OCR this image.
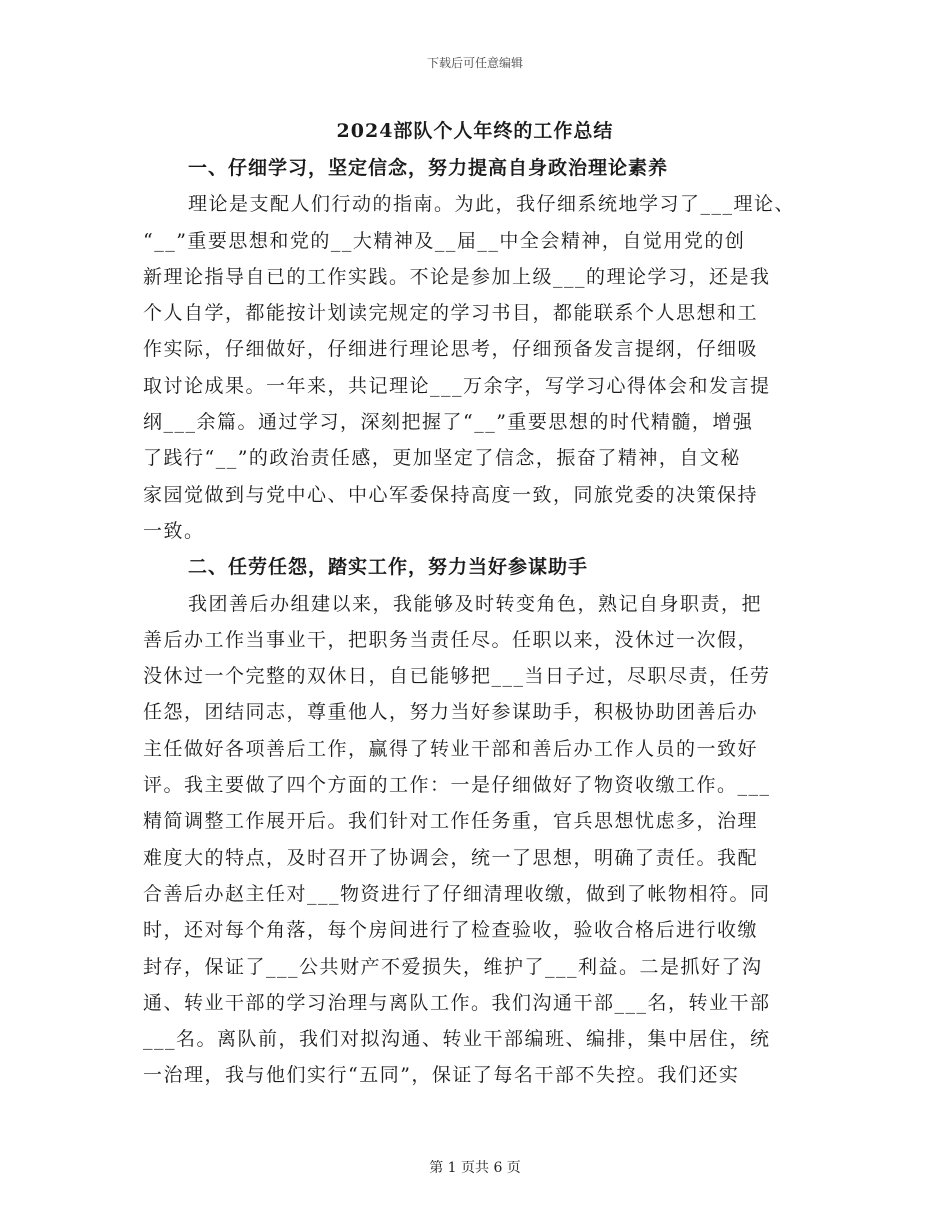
下载后可任意编辑
2024部队个人年终的工作总结
一、仔细学习，坚定信念，努力提高自身政治理论素养
理论是支配人们行动的指南。为此，我仔细系统地学习了___理论、
“__”重要思想和党的__大精神及__届__中全会精神，自觉用党的创
新理论指导自已的工作实践。不论是参加上级___的理论学习，还是我
个人自学，都能按计划读完规定的学习书目，都能联系个人思想和工
作实际，仔细做好，仔细进行理论思考，仔细预备发言提纲，仔细吸
取讨论成果。一年来，共记理论___万余字，写学习心得体会和发言提
纲___余篇。通过学习，深刻把握了“__”重要思想的时代精髓，增强
了践行“__”的政治责任感，更加坚定了信念，振奋了精神，自文秘
家园觉做到与党中心、中心军委保持高度一致，同旅党委的决策保持
一致。
二、任劳任怨，踏实工作，努力当好参谋助手
我团善后办组建以来，我能够及时转变角色，熟记自身职责，把
善后办工作当事业干，把职务当责任尽。任职以来，没休过一次假，
没休过一个完整的双休日，自已能够把___当日子过，尽职尽责，任劳
任怨，团结同志，尊重他人，努力当好参谋助手，积极协助团善后办
主任做好各项善后工作，赢得了转业干部和善后办工作人员的一致好
评。我主要做了四个方面的工作：一是仔细做好了物资收缴工作。___
精简调整工作展开后。我们针对工作任务重，官兵思想忧虑多，治理
难度大的特点，及时召开了协调会，统一了思想，明确了责任。我配
合善后办赵主任对___物资进行了仔细清理收缴，做到了帐物相符。同
时，还对每个角落，每个房间进行了检查验收，验收合格后进行收缴
封存，保证了___公共财产不爱损失，维护了___利益。二是抓好了沟
通、转业干部的学习治理与离队工作。我们沟通干部___名，转业干部
___名。离队前，我们对拟沟通、转业干部编班、编排，集中居住，统
一治理，我与他们实行“五同”，保证了每名干部不失控。我们还实
第 1 页共 6 页
